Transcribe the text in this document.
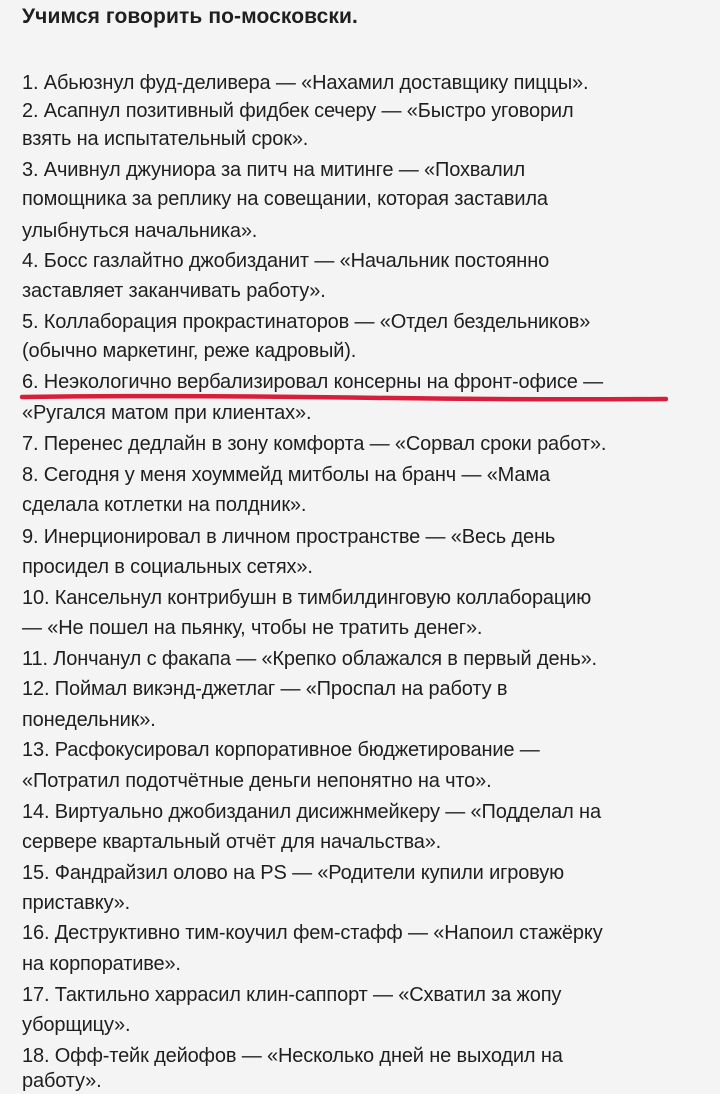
Учимся говорить по-московски.
1. Абьюзнул фуд-деливера — «Нахамил доставщику пиццы».
2. Асапнул позитивный фидбек сечеру — «Быстро уговорил
взять на испытательный срок».
3. Ачивнул джуниора за питч на митинге — «Похвалил
помощника за реплику на совещании, которая заставила
улыбнуться начальника».
4. Босс газлайтно джобизданит — «Начальник постоянно
заставляет заканчивать работу».
5. Коллаборация прокрастинаторов — «Отдел бездельников»
(обычно маркетинг, реже кадровый).
6. Неэкологично вербализировал консерны на фронт-офисе —
«Ругался матом при клиентах».
7. Перенес дедлайн в зону комфорта — «Сорвал сроки работ».
8. Сегодня у меня хоуммейд митболы на бранч — «Мама
сделала котлетки на полдник».
9. Инерционировал в личном пространстве — «Весь день
просидел в социальных сетях».
10. Кансельнул контрибушн в тимбилдинговую коллаборацию
— «Не пошел на пьянку, чтобы не тратить денег».
11. Лончанул с факапа — «Крепко облажался в первый день».
12. Поймал викэнд-джетлаг — «Проспал на работу в
понедельник».
13. Расфокусировал корпоративное бюджетирование —
«Потратил подотчётные деньги непонятно на что».
14. Виртуально джобизданил дисижнмейкеру — «Подделал на
сервере квартальный отчёт для начальства».
15. Фандрайзил олово на PS — «Родители купили игровую
приставку».
16. Деструктивно тим-коучил фем-стафф — «Напоил стажёрку
на корпоративе».
17. Тактильно харрасил клин-саппорт — «Схватил за жопу
уборщицу».
18. Офф-тейк дейофов — «Несколько дней не выходил на
работу».
